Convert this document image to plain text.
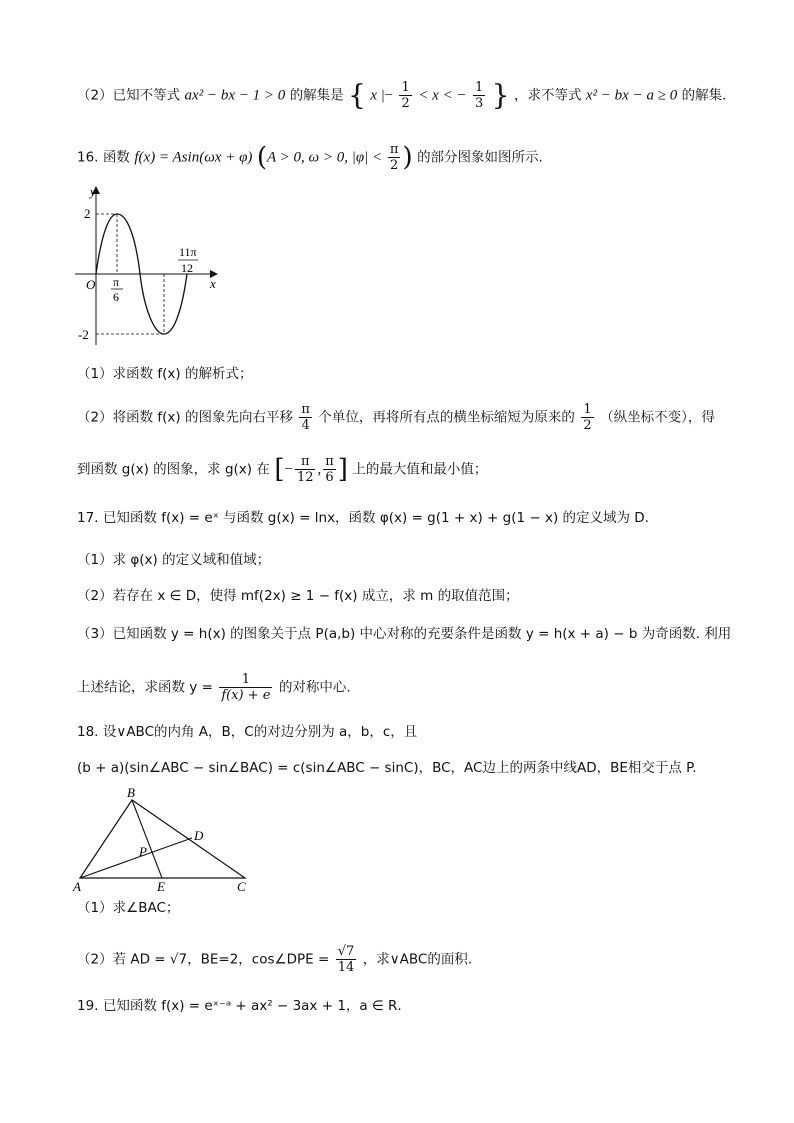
（2）已知不等式 ax² − bx − 1 > 0 的解集是 { x |− $\frac{1}{2} < x$ < − $\frac{1}{3}$ } ，求不等式 x² − bx − a ≥ 0 的解集．
16. 函数 f(x) = Asin(ωx + φ) (A > 0, ω > 0, $|\varphi| < \frac{\pi}{2}$ ) 的部分图象如图所示.
y
x
O
2
-2
π
6
11π
12
（1）求函数 f(x) 的解析式；
（2）将函数 f(x) 的图象先向右平移 $\frac{\pi}{4}$ 个单位，再将所有点的横坐标缩短为原来的 $\frac{1}{2}$ （纵坐标不变），得
到函数 g(x) 的图象，求 g(x) 在 [− $\frac{\pi}{12}$ , $\frac{\pi}{6}$ ] 上的最大值和最小值；
17. 已知函数 f(x) = eˣ 与函数 g(x) = lnx，函数 φ(x) = g(1 + x) + g(1 − x) 的定义域为 D．
（1）求 φ(x) 的定义域和值域；
（2）若存在 x ∈ D，使得 mf(2x) ≥ 1 − f(x) 成立，求 m 的取值范围；
（3）已知函数 y = h(x) 的图象关于点 P(a,b) 中心对称的充要条件是函数 y = h(x + a) − b 为奇函数. 利用
上述结论，求函数 $y = \frac{1}{f(x) + e}$ 的对称中心.
18. 设∨ABC的内角 A，B，C的对边分别为 a，b，c，且
(b + a)(sin∠ABC − sin∠BAC) = c(sin∠ABC − sinC)，BC，AC边上的两条中线AD，BE相交于点 P.
B
A	C
D
E
P
（1）求∠BAC；
（2）若 AD = √7，BE=2，cos∠DPE = $\frac{√7}{14}$ ，求∨ABC的面积.
19. 已知函数 f(x) = eˣ⁻ᵃ + ax² − 3ax + 1，a ∈ R．
